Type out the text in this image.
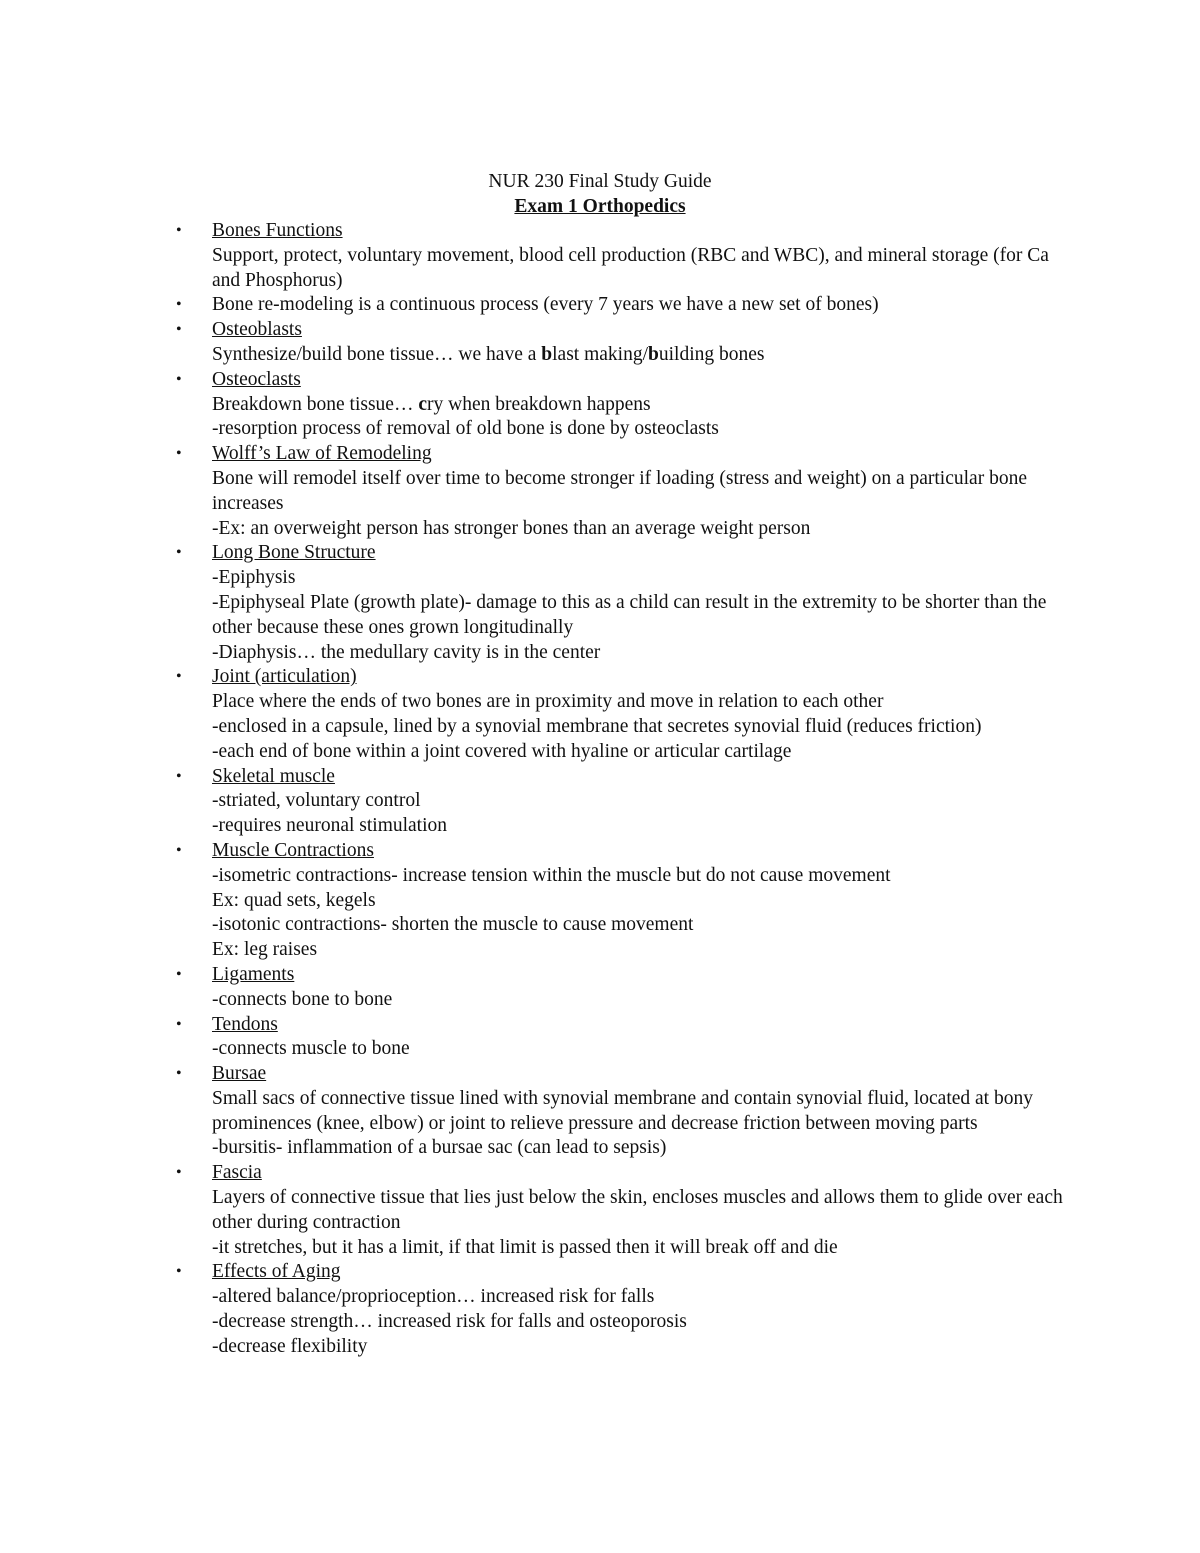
NUR 230 Final Study Guide
Exam 1 Orthopedics
• Bones Functions
Support, protect, voluntary movement, blood cell production (RBC and WBC), and mineral storage (for Ca and Phosphorus)
• Bone re-modeling is a continuous process (every 7 years we have a new set of bones)
• Osteoblasts
Synthesize/build bone tissue… we have a blast making/building bones
• Osteoclasts
Breakdown bone tissue… cry when breakdown happens
-resorption process of removal of old bone is done by osteoclasts
• Wolff’s Law of Remodeling
Bone will remodel itself over time to become stronger if loading (stress and weight) on a particular bone increases
-Ex: an overweight person has stronger bones than an average weight person
• Long Bone Structure
-Epiphysis
-Epiphyseal Plate (growth plate)- damage to this as a child can result in the extremity to be shorter than the other because these ones grown longitudinally
-Diaphysis… the medullary cavity is in the center
• Joint (articulation)
Place where the ends of two bones are in proximity and move in relation to each other
-enclosed in a capsule, lined by a synovial membrane that secretes synovial fluid (reduces friction)
-each end of bone within a joint covered with hyaline or articular cartilage
• Skeletal muscle
-striated, voluntary control
-requires neuronal stimulation
• Muscle Contractions
-isometric contractions- increase tension within the muscle but do not cause movement
Ex: quad sets, kegels
-isotonic contractions- shorten the muscle to cause movement
Ex: leg raises
• Ligaments
-connects bone to bone
• Tendons
-connects muscle to bone
• Bursae
Small sacs of connective tissue lined with synovial membrane and contain synovial fluid, located at bony prominences (knee, elbow) or joint to relieve pressure and decrease friction between moving parts
-bursitis- inflammation of a bursae sac (can lead to sepsis)
• Fascia
Layers of connective tissue that lies just below the skin, encloses muscles and allows them to glide over each other during contraction
-it stretches, but it has a limit, if that limit is passed then it will break off and die
• Effects of Aging
-altered balance/proprioception… increased risk for falls
-decrease strength… increased risk for falls and osteoporosis
-decrease flexibility
